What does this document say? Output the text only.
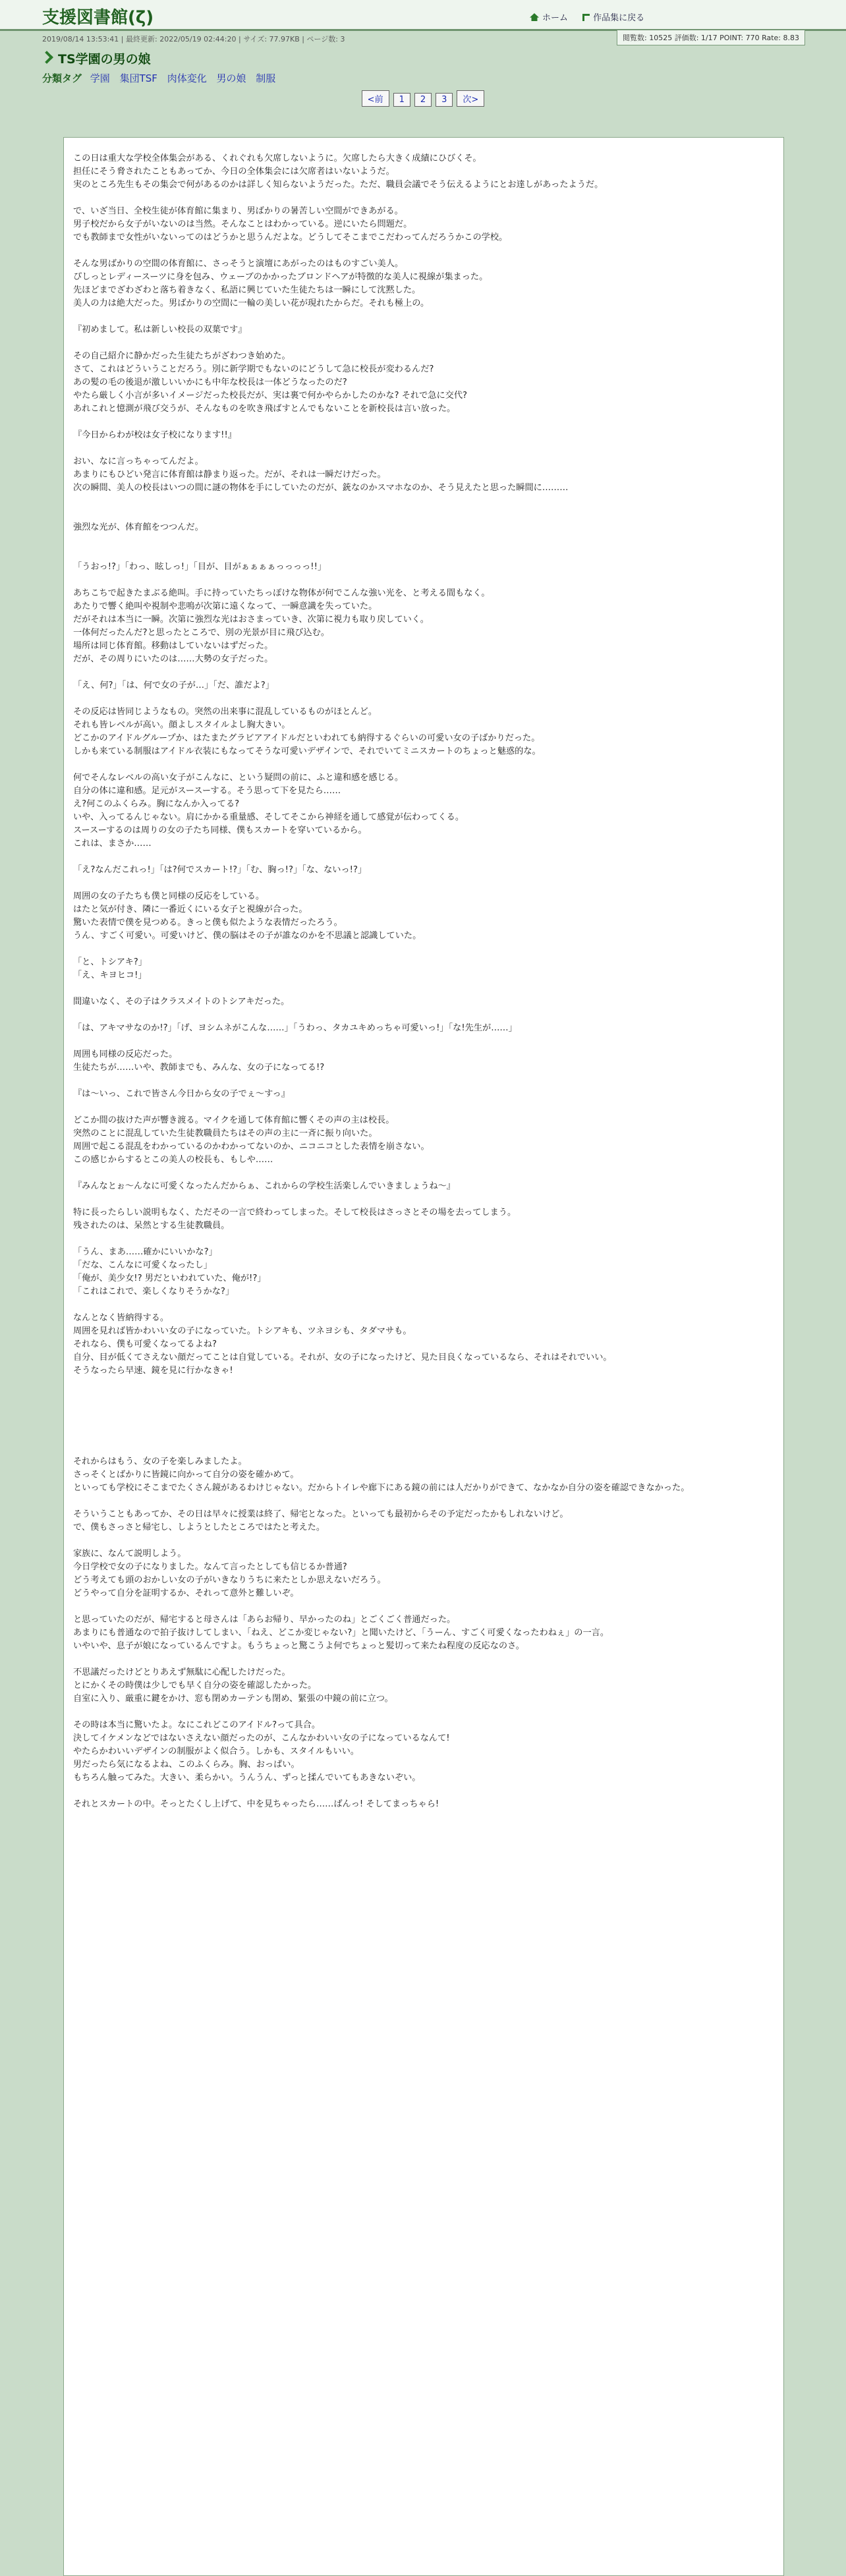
支援図書館(ζ)	ホーム	作品集に戻る
2019/08/14 13:53:41 | 最終更新: 2022/05/19 02:44:20 | サイズ: 77.97KB | ページ数: 3	閲覧数: 10525 評価数: 1/17 POINT: 770 Rate: 8.83
TS学園の男の娘
分類タグ 学園 集団TSF 肉体変化 男の娘 制服
<前 1 2 3 次>

この日は重大な学校全体集会がある、くれぐれも欠席しないように。欠席したら大きく成績にひびくそ。

担任にそう脅されたこともあってか、今日の全体集会には欠席者はいないようだ。

実のところ先生もその集会で何があるのかは詳しく知らないようだった。ただ、職員会議でそう伝えるようにとお達しがあったようだ。

で、いざ当日、全校生徒が体育館に集まり、男ばかりの暑苦しい空間ができあがる。

男子校だから女子がいないのは当然。そんなことはわかっている。逆にいたら問題だ。

でも教師まで女性がいないってのはどうかと思うんだよな。どうしてそこまでこだわってんだろうかこの学校。

そんな男ばかりの空間の体育館に、さっそうと演壇にあがったのはものすごい美人。

ぴしっとレディースーツに身を包み、ウェーブのかかったブロンドヘアが特徴的な美人に視線が集まった。

先ほどまでざわざわと落ち着きなく、私語に興じていた生徒たちは一瞬にして沈黙した。

美人の力は絶大だった。男ばかりの空間に一輪の美しい花が現れたからだ。それも極上の。

『初めまして。私は新しい校長の双葉です』

その自己紹介に静かだった生徒たちがざわつき始めた。

さて、これはどういうことだろう。別に新学期でもないのにどうして急に校長が変わるんだ?

あの髪の毛の後退が激しいいかにも中年な校長は一体どうなったのだ?

やたら厳しく小言が多いイメージだった校長だが、実は裏で何かやらかしたのかな? それで急に交代?

あれこれと憶測が飛び交うが、そんなものを吹き飛ばすとんでもないことを新校長は言い放った。

『今日からわが校は女子校になります!!』

おい、なに言っちゃってんだよ。

あまりにもひどい発言に体育館は静まり返った。だが、それは一瞬だけだった。

次の瞬間、美人の校長はいつの間に謎の物体を手にしていたのだが、銃なのかスマホなのか、そう見えたと思った瞬間に………

強烈な光が、体育館をつつんだ。

「うおっ!?」「わっ、眩しっ!」「目が、目がぁぁぁぁっっっっ!!」

あちこちで起きたまぶる絶叫。手に持っていたちっぽけな物体が何でこんな強い光を、と考える間もなく。

あたりで響く絶叫や視制や悲鳴が次第に遠くなって、一瞬意識を失っていた。

だがそれは本当に一瞬。次第に強烈な光はおさまっていき、次第に視力も取り戻していく。

一体何だったんだ?と思ったところで、別の光景が目に飛び込む。

場所は同じ体育館。移動はしていないはずだった。

だが、その周りにいたのは……大勢の女子だった。

「え、何?」「は、何で女の子が…」「だ、誰だよ?」

その反応は皆同じようなもの。突然の出来事に混乱しているものがほとんど。

それも皆レベルが高い。顔よしスタイルよし胸大きい。

どこかのアイドルグループか、はたまたグラビアアイドルだといわれても納得するぐらいの可愛い女の子ばかりだった。

しかも来ている制服はアイドル衣装にもなってそうな可愛いデザインで、それでいてミニスカートのちょっと魅惑的な。

何でそんなレベルの高い女子がこんなに、という疑問の前に、ふと違和感を感じる。

自分の体に違和感。足元がスースーする。そう思って下を見たら……

え?何このふくらみ。胸になんか入ってる?

いや、入ってるんじゃない。肩にかかる重量感、そしてそこから神経を通して感覚が伝わってくる。

スースーするのは周りの女の子たち同様、僕もスカートを穿いているから。

これは、まさか……

「え?なんだこれっ!」「は?何でスカート!?」「む、胸っ!?」「な、ないっ!?」

周囲の女の子たちも僕と同様の反応をしている。

はたと気が付き、隣に一番近くにいる女子と視線が合った。

驚いた表情で僕を見つめる。きっと僕も似たような表情だったろう。

うん、すごく可愛い。可愛いけど、僕の脳はその子が誰なのかを不思議と認識していた。

「と、トシアキ?」

「え、キヨヒコ!」

間違いなく、その子はクラスメイトのトシアキだった。

「は、アキマサなのか!?」「げ、ヨシムネがこんな……」「うわっ、タカユキめっちゃ可愛いっ!」「な!先生が……」

周囲も同様の反応だった。

生徒たちが……いや、教師までも、みんな、女の子になってる!?

『は〜いっ、これで皆さん今日から女の子でぇ〜すっ』

どこか間の抜けた声が響き渡る。マイクを通して体育館に響くその声の主は校長。

突然のことに混乱していた生徒教職員たちはその声の主に一斉に振り向いた。

周囲で起こる混乱をわかっているのかわかってないのか、ニコニコとした表情を崩さない。

この感じからするとこの美人の校長も、もしや……

『みんなとぉ〜んなに可愛くなったんだからぁ、これからの学校生活楽しんでいきましょうね〜』

特に長ったらしい説明もなく、ただその一言で終わってしまった。そして校長はさっさとその場を去ってしまう。

残されたのは、呆然とする生徒教職員。

「うん、まあ……確かにいいかな?」

「だな、こんなに可愛くなったし」

「俺が、美少女!? 男だといわれていた、俺が!?」

「これはこれで、楽しくなりそうかな?」

なんとなく皆納得する。

周囲を見れば皆かわいい女の子になっていた。トシアキも、ツネヨシも、タダマサも。

それなら、僕も可愛くなってるよね?

自分、目が低くてさえない顔だってことは自覚している。それが、女の子になったけど、見た目良くなっているなら、それはそれでいい。

そうなったら早速、鏡を見に行かなきゃ!

それからはもう、女の子を楽しみましたよ。

さっそくとばかりに皆鏡に向かって自分の姿を確かめて。

といっても学校にそこまでたくさん鏡があるわけじゃない。だからトイレや廊下にある鏡の前には人だかりができて、なかなか自分の姿を確認できなかった。

そういうこともあってか、その日は早々に授業は終了、帰宅となった。といっても最初からその予定だったかもしれないけど。

で、僕もさっさと帰宅し、しようとしたところではたと考えた。

家族に、なんて説明しよう。

今日学校で女の子になりました。なんて言ったとしても信じるか普通?

どう考えても頭のおかしい女の子がいきなりうちに来たとしか思えないだろう。

どうやって自分を証明するか、それって意外と難しいぞ。

と思っていたのだが、帰宅すると母さんは「あらお帰り、早かったのね」とごくごく普通だった。

あまりにも普通なので拍子抜けしてしまい、「ねえ、どこか変じゃない?」と聞いたけど、「うーん、すごく可愛くなったわねぇ」の一言。

いやいや、息子が娘になっているんですよ。もうちょっと驚こうよ何でちょっと髪切って来たね程度の反応なのさ。

不思議だったけどとりあえず無駄に心配したけだった。

とにかくその時僕は少しでも早く自分の姿を確認したかった。

自室に入り、厳重に鍵をかけ、窓も閉めカーテンも閉め、緊張の中鏡の前に立つ。

その時は本当に驚いたよ。なにこれどこのアイドル?って具合。

決してイケメンなどではないさえない顔だったのが、こんなかわいい女の子になっているなんて!

やたらかわいいデザインの制服がよく似合う。しかも、スタイルもいい。

男だったら気になるよね、このふくらみ。胸、おっぱい。

もちろん触ってみた。大きい、柔らかい。うんうん、ずっと揉んでいてもあきないぞい。

それとスカートの中。そっとたくし上げて、中を見ちゃったら……ばんっ! そしてまっちゃら!
